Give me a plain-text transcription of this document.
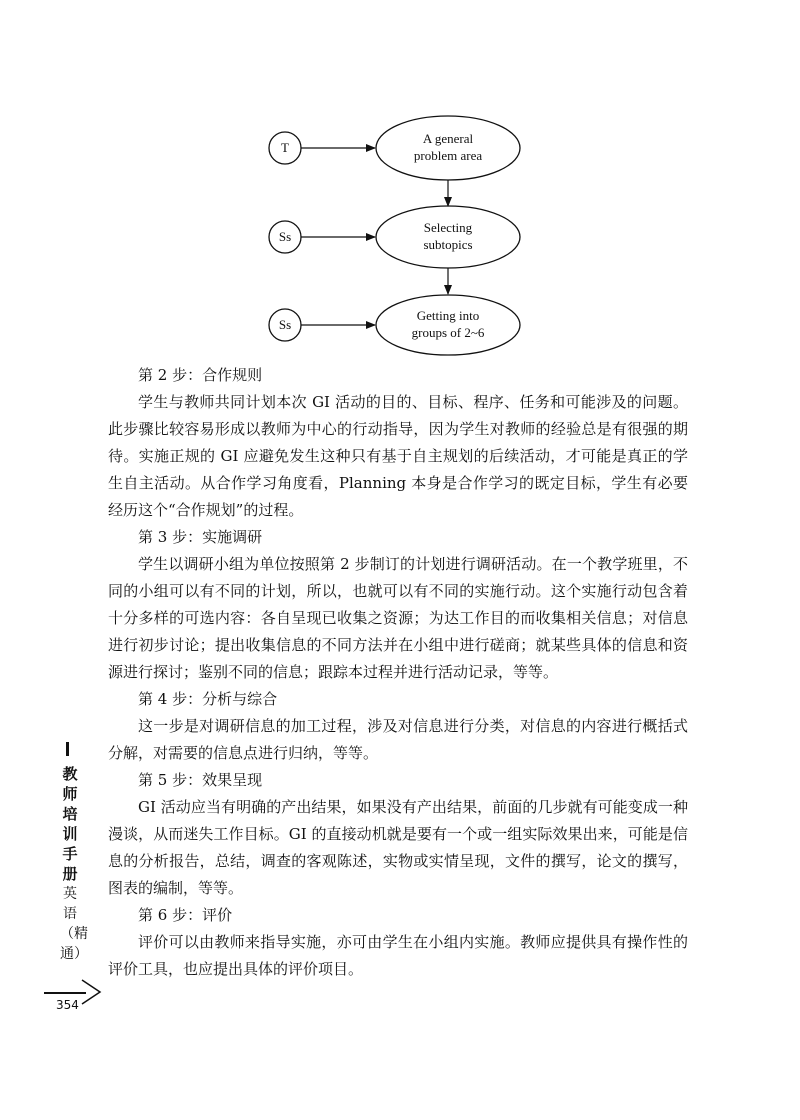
T
A general
problem area
Ss
Selecting
subtopics
Ss
Getting into
groups of 2~6

第 2 步：合作规则

学生与教师共同计划本次 GI 活动的目的、目标、程序、任务和可能涉及的问题。此步骤比较容易形成以教师为中心的行动指导，因为学生对教师的经验总是有很强的期待。实施正规的 GI 应避免发生这种只有基于自主规划的后续活动，才可能是真正的学生自主活动。从合作学习角度看，Planning 本身是合作学习的既定目标，学生有必要经历这个“合作规划”的过程。

第 3 步：实施调研

学生以调研小组为单位按照第 2 步制订的计划进行调研活动。在一个教学班里，不同的小组可以有不同的计划，所以，也就可以有不同的实施行动。这个实施行动包含着十分多样的可选内容：各自呈现已收集之资源；为达工作目的而收集相关信息；对信息进行初步讨论；提出收集信息的不同方法并在小组中进行磋商；就某些具体的信息和资源进行探讨；鉴别不同的信息；跟踪本过程并进行活动记录，等等。

第 4 步：分析与综合

这一步是对调研信息的加工过程，涉及对信息进行分类，对信息的内容进行概括式分解，对需要的信息点进行归纳，等等。

第 5 步：效果呈现

GI 活动应当有明确的产出结果，如果没有产出结果，前面的几步就有可能变成一种漫谈，从而迷失工作目标。GI 的直接动机就是要有一个或一组实际效果出来，可能是信息的分析报告，总结，调查的客观陈述，实物或实情呈现，文件的撰写，论文的撰写，图表的编制，等等。

第 6 步：评价

评价可以由教师来指导实施，亦可由学生在小组内实施。教师应提供具有操作性的评价工具，也应提出具体的评价项目。

教师培训手册
英语（精通）
354
